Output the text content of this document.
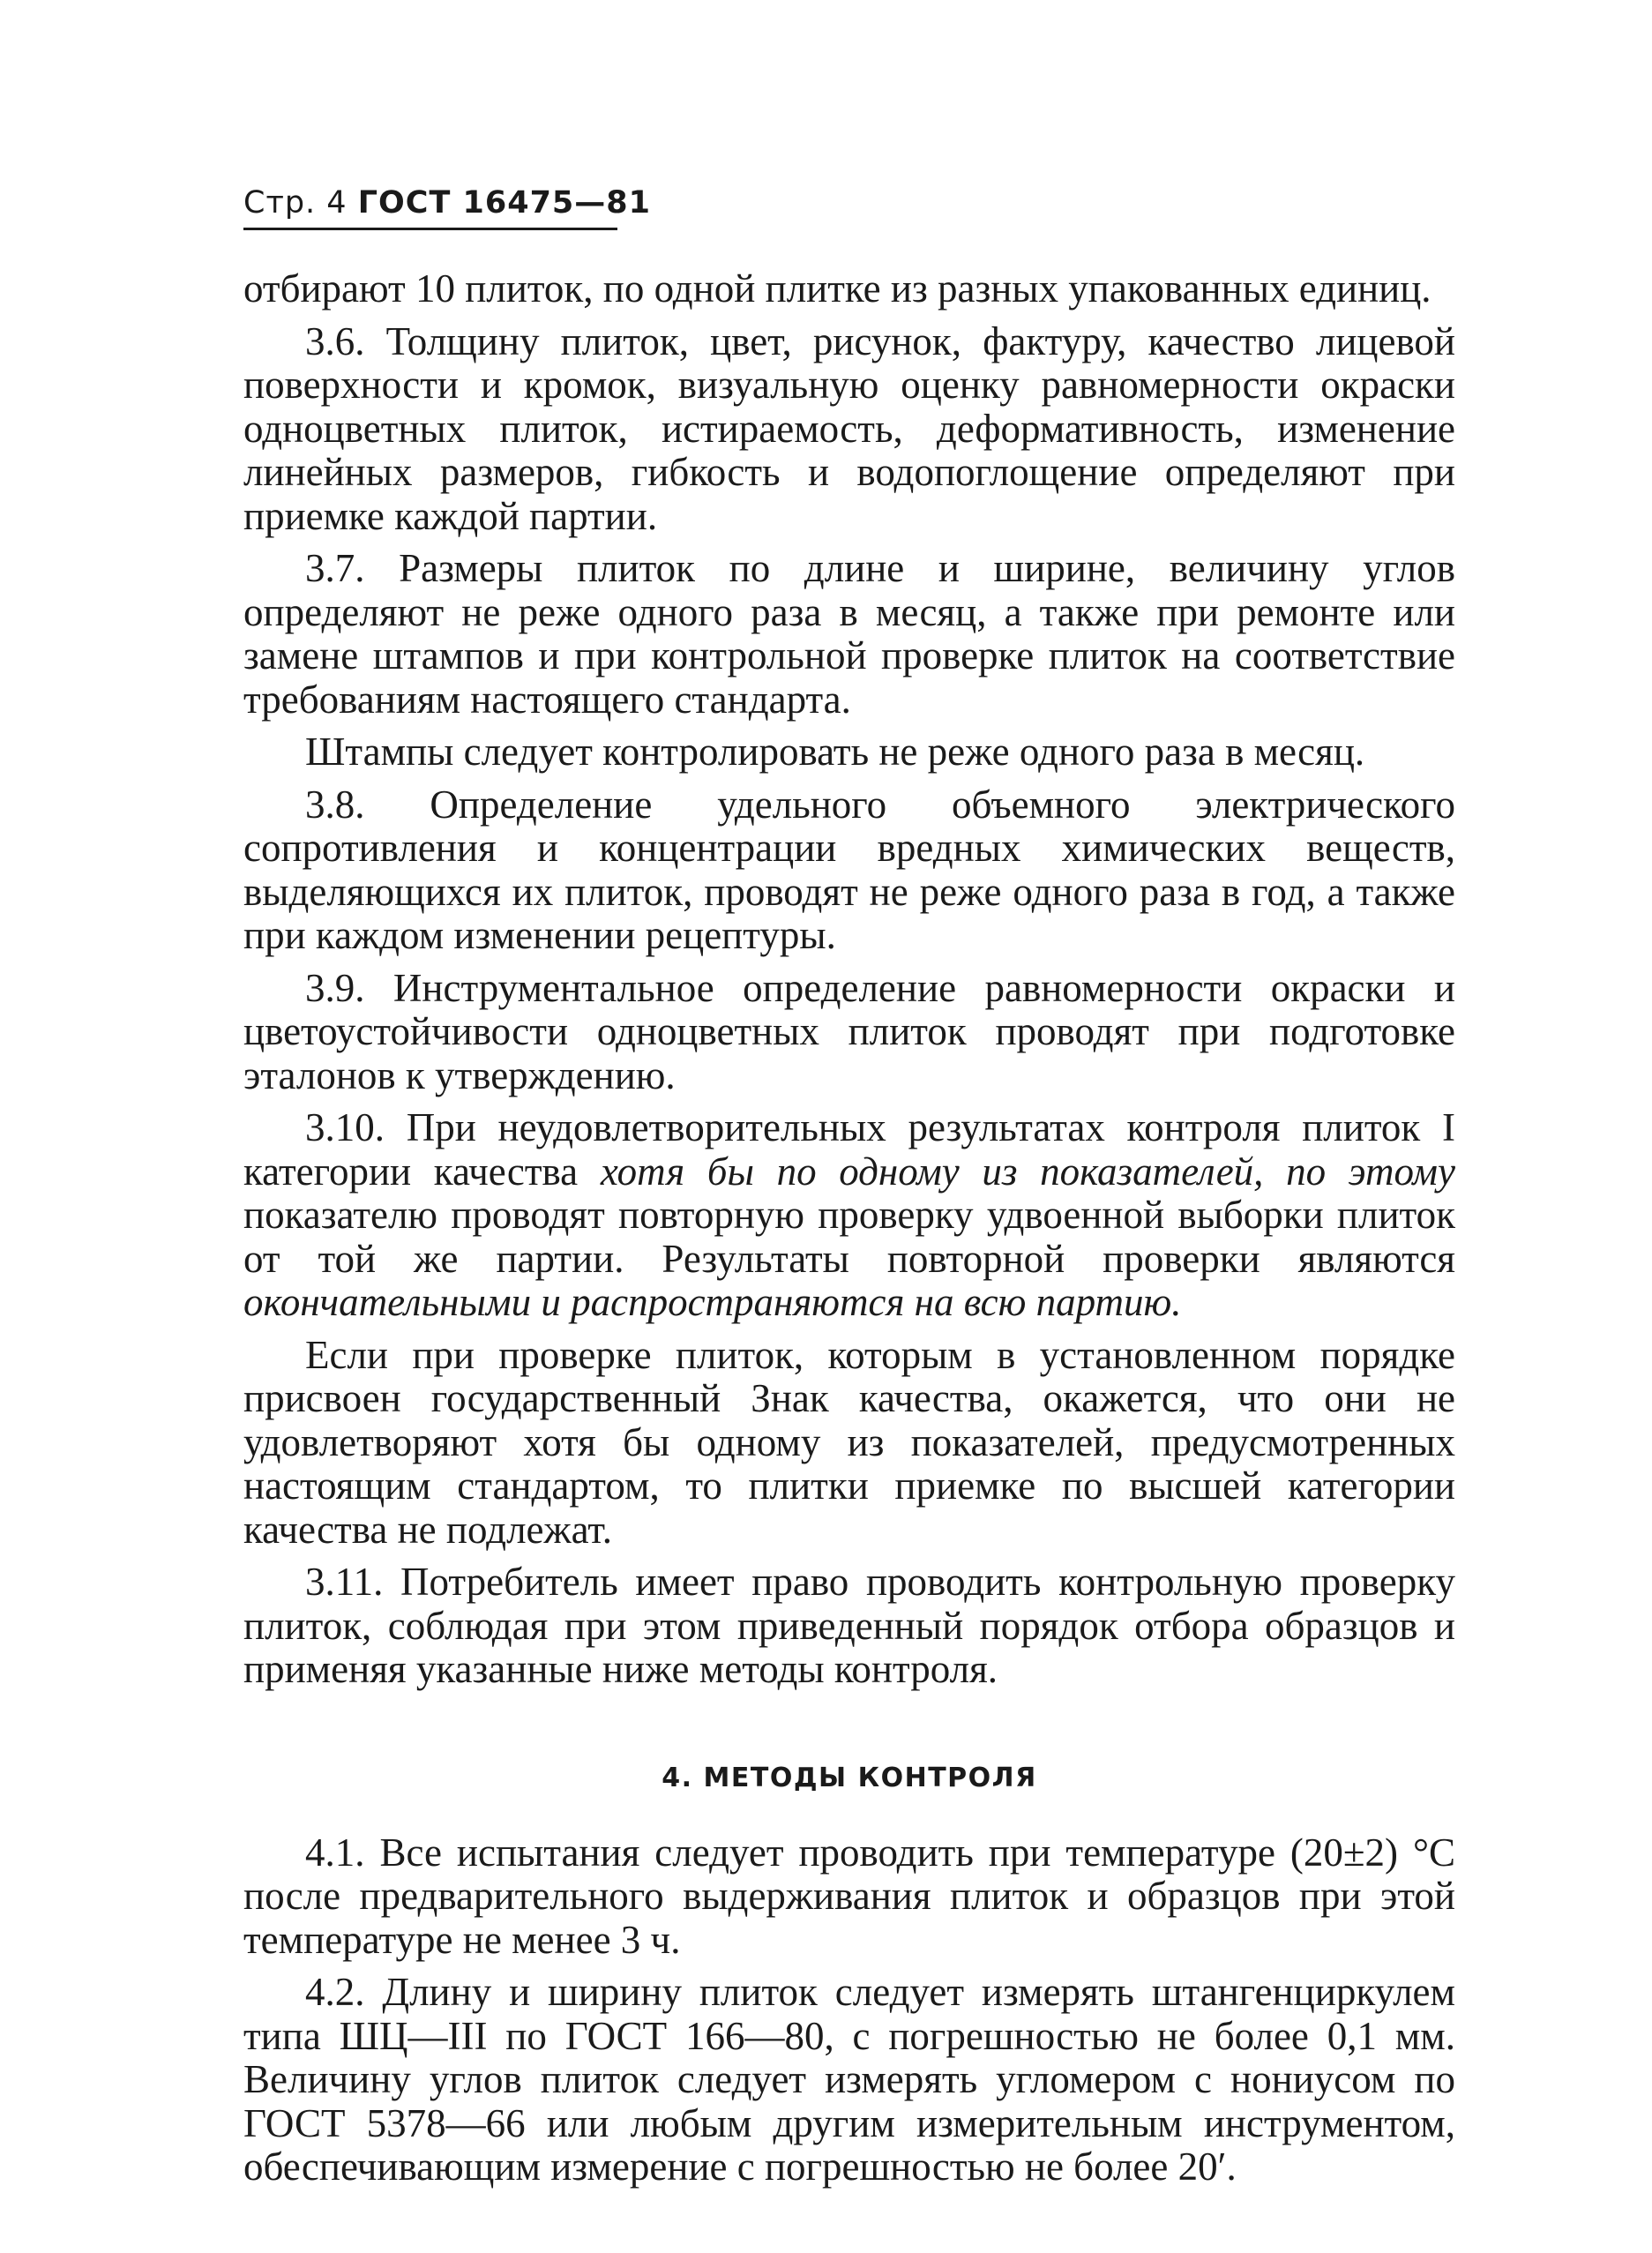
Стр. 4 ГОСТ 16475—81

отбирают 10 плиток, по одной плитке из разных упакованных единиц.

3.6. Толщину плиток, цвет, рисунок, фактуру, качество лицевой поверхности и кромок, визуальную оценку равномерности окраски одноцветных плиток, истираемость, деформативность, изменение линейных размеров, гибкость и водопоглощение определяют при приемке каждой партии.

3.7. Размеры плиток по длине и ширине, величину углов определяют не реже одного раза в месяц, а также при ремонте или замене штампов и при контрольной проверке плиток на соответствие требованиям настоящего стандарта.

Штампы следует контролировать не реже одного раза в месяц.

3.8. Определение удельного объемного электрического сопротивления и концентрации вредных химических веществ, выделяющихся их плиток, проводят не реже одного раза в год, а также при каждом изменении рецептуры.

3.9. Инструментальное определение равномерности окраски и цветоустойчивости одноцветных плиток проводят при подготовке эталонов к утверждению.

3.10. При неудовлетворительных результатах контроля плиток I категории качества хотя бы по одному из показателей, по этому показателю проводят повторную проверку удвоенной выборки плиток от той же партии. Результаты повторной проверки являются окончательными и распространяются на всю партию.

Если при проверке плиток, которым в установленном порядке присвоен государственный Знак качества, окажется, что они не удовлетворяют хотя бы одному из показателей, предусмотренных настоящим стандартом, то плитки приемке по высшей категории качества не подлежат.

3.11. Потребитель имеет право проводить контрольную проверку плиток, соблюдая при этом приведенный порядок отбора образцов и применяя указанные ниже методы контроля.

4. МЕТОДЫ КОНТРОЛЯ

4.1. Все испытания следует проводить при температуре (20±2) °С после предварительного выдерживания плиток и образцов при этой температуре не менее 3 ч.

4.2. Длину и ширину плиток следует измерять штангенциркулем типа ШЦ—III по ГОСТ 166—80, с погрешностью не более 0,1 мм. Величину углов плиток следует измерять угломером с нониусом по ГОСТ 5378—66 или любым другим измерительным инструментом, обеспечивающим измерение с погрешностью не более 20′.
